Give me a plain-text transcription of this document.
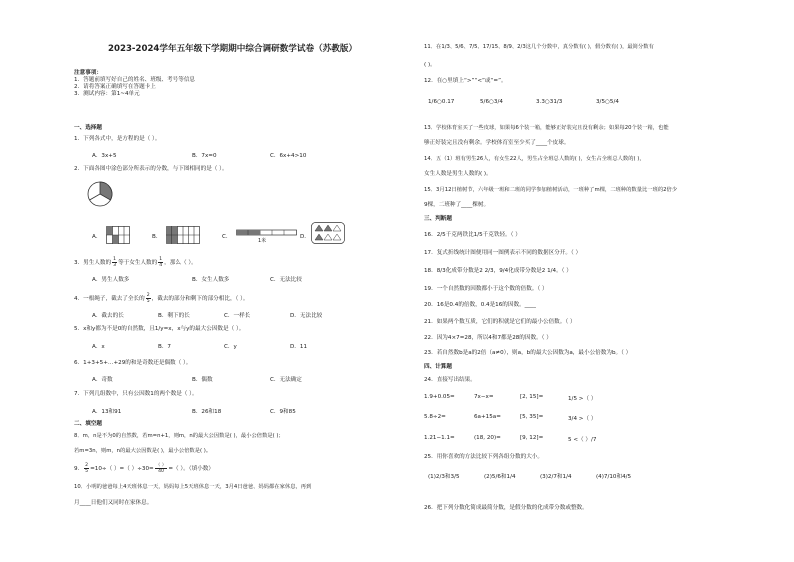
2023-2024学年五年级下学期期中综合调研数学试卷（苏教版）
注意事项：
1．答题前填写好自己的姓名、班级、考号等信息
2．请将答案正确填写在答题卡上
3．测试内容：第1~4单元
一、选择题
1．下列各式中，是方程的是（ ）。
A．3x+5	B．7x=0	C．6x+4>10
2．下面各图中涂色部分所表示的分数，与下图相同的是（ ）。
A．	B．	C．
1米
D．
3．男生人数的 $\frac{1}{3}$ 等于女生人数的 $\frac{1}{4}$ ，那么（ ）。
A．男生人数多	B．女生人数多	C．无法比较
4．一根绳子，截去了全长的 $\frac{2}{5}$ ，截去的部分和剩下的部分相比，（ ）。
A．截去的长	B．剩下的长	C．一样长	D．无法比较
5．x和y都为不是0的自然数，且1/y=x，x与y的最大公因数是（ ）。
A．x	B．7	C．y	D．11
6．1+3+5+…+29的和是奇数还是偶数（ ）。
A．奇数	B．偶数	C．无法确定
7．下列几组数中，只有公因数1的两个数是（ ）。
A．13和91	B．26和18	C．9和85
二、填空题
8．m，n是不为0的自然数，若m=n+1，则m，n的最大公因数是( )，最小公倍数是( )；
若m=3n，则m，n的最大公因数是( )，最小公倍数是( )。
9． $\frac{2}{5} =10\div$（ ）=（ ）$\div 30= \frac{( )}{40}$ =（ ）。（填小数）
10．小明的爸爸每上4天班休息一天，妈妈每上5天班休息一天，3月4日爸爸、妈妈都在家休息，再到
月____日他们又同时在家休息。
11．在1/3、5/6、7/5、17/15、8/9、2/3这几个分数中，真分数有( )，假分数有( )，最简分数有
( )。
12．在○里填上“>”“<”或“=”。
1/6○0.17	5/6○3/4	3.3○31/3	3/5○5/4
13．学校体育室买了一些皮球，如果每6个装一箱，能够正好装完且没有剩余；如果每20个装一箱，也能
够正好装完且没有剩余。学校体育室至少买了____个皮球。
14．五（1）班有男生26人，有女生22人，男生占全班总人数的( )，女生占全班总人数的( )，
女生人数是男生人数的( )。
15．3月12日植树节，六年级一班和二班的同学参加植树活动，一班种了m棵，二班种的数量比一班的2倍少
9棵，二班种了____棵树。
三、判断题
16．2/5千克两铁比1/5千克铁轻。（ ）
17．复式折线统计图便用同一图例表示不同的数据区分开。（ ）
18．8/3化成带分数是2 2/3，9/4化成带分数是2 1/4。（ ）
19．一个自然数的因数都小于这个数的倍数。（ ）
20．16是0.4的倍数，0.4是16的因数。____
21．如果两个数互质，它们的积就是它们的最小公倍数。（ ）
22．因为4×7=28，所以4和7都是28的因数。（ ）
23．若自然数b是a的2倍（a≠0），则a，b的最大公因数为a，最小公倍数为b。（ ）
四、计算题
24．直接写出结果。
1.9+0.05=	7x−x=	[2, 15]=	1/5 >（ ）
5.8÷2=	6a+15a=	[5, 35]=	3/4 >（ ）
1.21−1.1=	(18, 20)=	[9, 12]=	5 <（ ）/7
25．用你喜欢的方法比较下列各组分数的大小。
(1)2/3和3/5	(2)5/6和1/4	(3)2/7和1/4	(4)7/10和4/5
26．把下列分数化简成最简分数，是假分数的化成带分数或整数。
